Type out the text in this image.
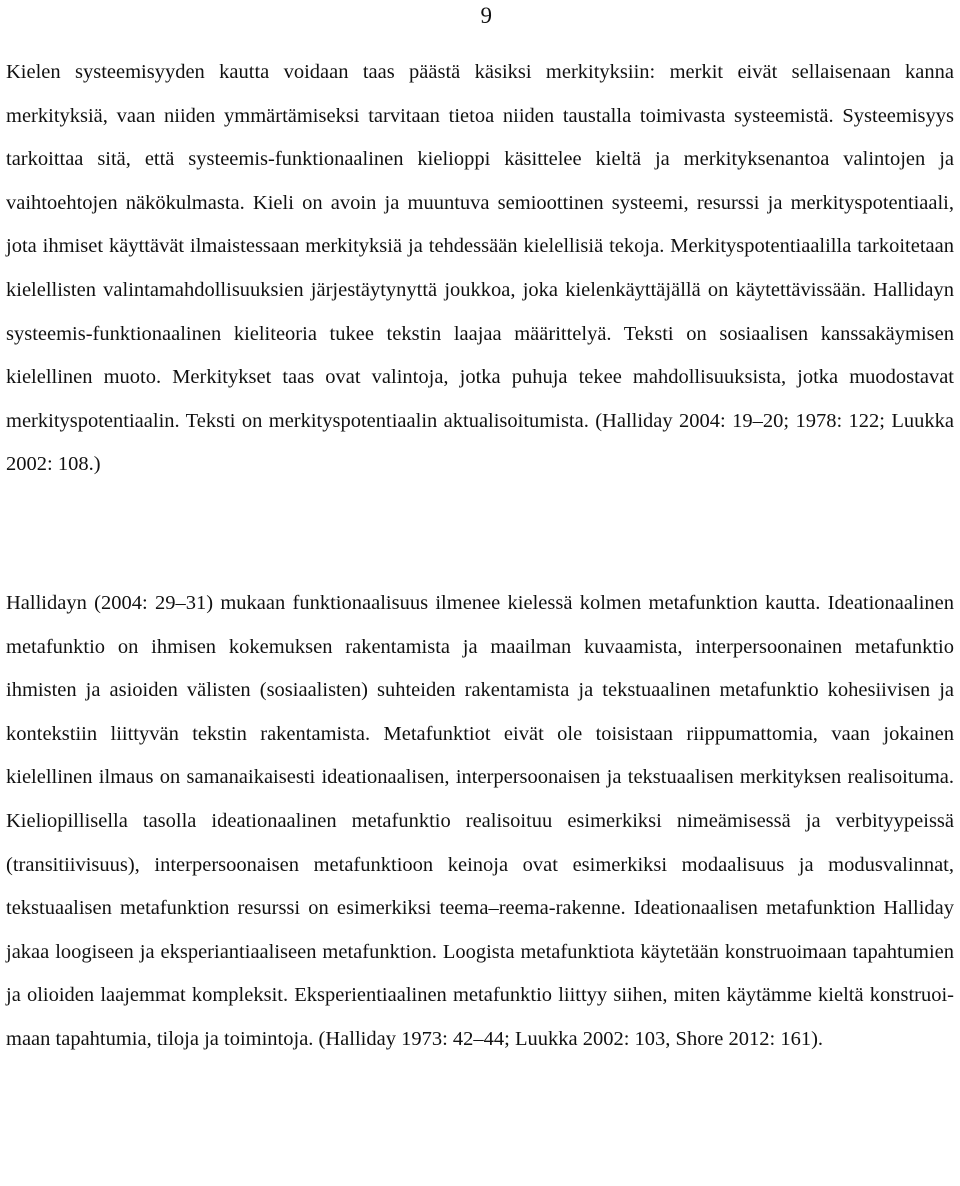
9

Kielen systeemisyyden kautta voidaan taas päästä käsiksi merkityksiin: merkit eivät sellaisenaan kanna merkityksiä, vaan niiden ymmärtämiseksi tarvitaan tietoa niiden taustalla toimivasta systeemistä. Systeemisyys tarkoittaa sitä, että systeemis-funktionaalinen kielioppi käsittelee kieltä ja merkityksenantoa valintojen ja vaihtoehtojen näkökulmasta. Kieli on avoin ja muuntuva semioottinen systeemi, resurssi ja merkityspotentiaali, jota ihmiset käyttävät ilmaistessaan merkityksiä ja tehdessään kielellisiä tekoja. Merkityspotentiaalilla tarkoitetaan kielellisten valintamahdollisuuksien järjestäytynyttä joukkoa, joka kielenkäyttäjällä on käytettävissään. Hallidayn systeemis-funktionaalinen kieliteoria tukee tekstin laajaa määrittelyä. Teksti on sosiaalisen kanssakäymisen kielellinen muoto. Merkitykset taas ovat valintoja, jotka puhuja tekee mahdollisuuksista, jotka muodostavat merkityspotentiaalin. Teksti on merkityspotentiaalin aktualisoitumista. (Halliday 2004: 19–20; 1978: 122; Luukka 2002: 108.)

Hallidayn (2004: 29–31) mukaan funktionaalisuus ilmenee kielessä kolmen metafunktion kautta. Ideationaalinen metafunktio on ihmisen kokemuksen rakentamista ja maailman kuvaamista, interpersoonainen metafunktio ihmisten ja asioiden välisten (sosiaalisten) suhteiden rakentamista ja tekstuaalinen metafunktio kohesiivisen ja kontekstiin liittyvän tekstin rakentamista. Metafunktiot eivät ole toisistaan riippumattomia, vaan jokainen kielellinen ilmaus on samanaikaisesti ideationaalisen, interpersoonaisen ja tekstuaalisen merkityksen realisoituma. Kieliopillisella tasolla ideationaalinen metafunktio realisoituu esimerkiksi nimeämisessä ja verbityypeissä (transitiivisuus), interpersoonaisen metafunktioon keinoja ovat esimerkiksi modaalisuus ja modusvalinnat, tekstuaalisen metafunktion resurssi on esimerkiksi teema–reema-rakenne. Ideationaalisen metafunktion Halliday jakaa loogiseen ja eksperiantiaaliseen metafunktion. Loogista metafunktiota käytetään konstruoimaan tapahtumien ja olioiden laajemmat kompleksit. Eksperientiaalinen metafunktio liittyy siihen, miten käytämme kieltä konstruoimaan tapahtumia, tiloja ja toimintoja. (Halliday 1973: 42–44; Luukka 2002: 103, Shore 2012: 161).
